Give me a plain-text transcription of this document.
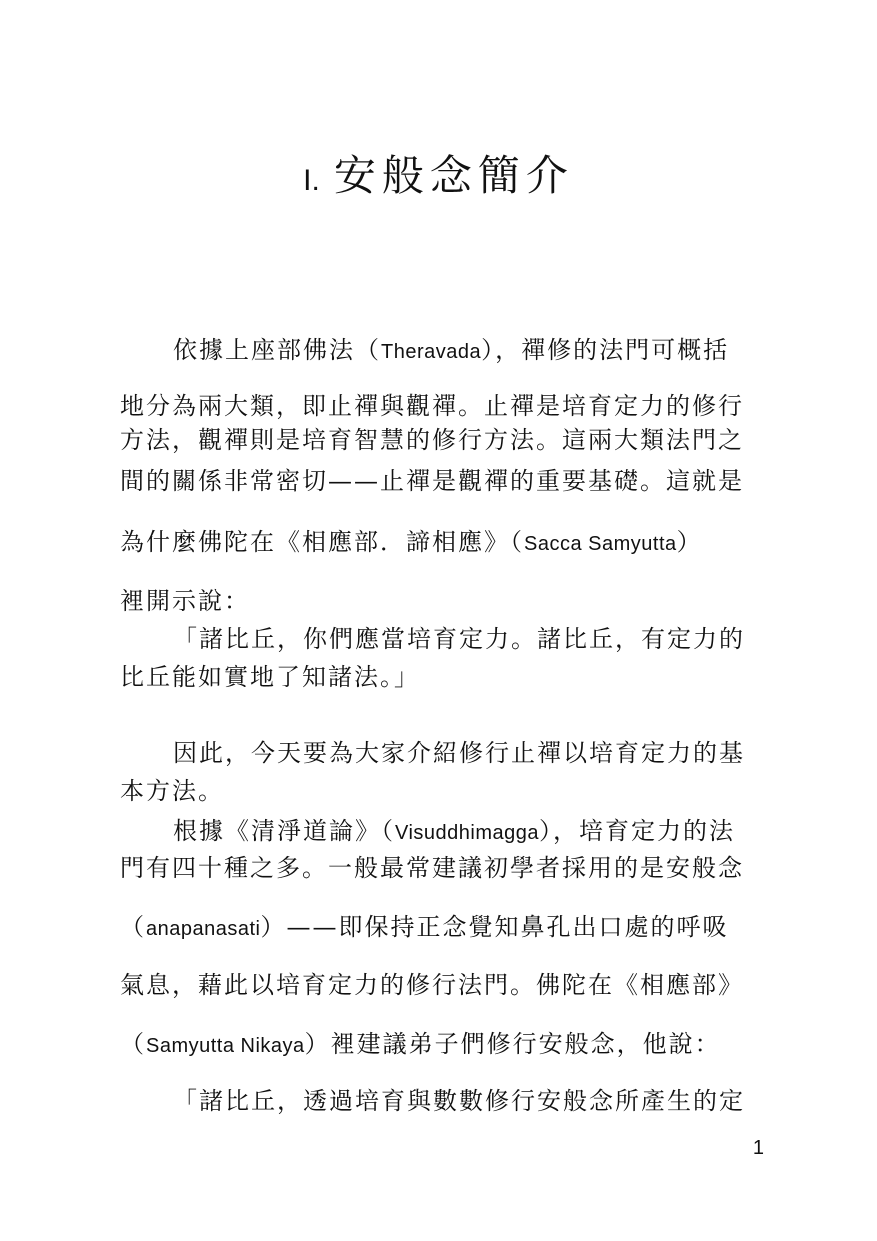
I. 安般念簡介
依據上座部佛法（Theravada），禪修的法門可概括
地分為兩大類，即止禪與觀禪。止禪是培育定力的修行
方法，觀禪則是培育智慧的修行方法。這兩大類法門之
間的關係非常密切——止禪是觀禪的重要基礎。這就是
為什麼佛陀在《相應部．諦相應》（Sacca Samyutta）
裡開示說：
「諸比丘，你們應當培育定力。諸比丘，有定力的
比丘能如實地了知諸法。」
因此，今天要為大家介紹修行止禪以培育定力的基
本方法。
根據《清淨道論》（Visuddhimagga），培育定力的法
門有四十種之多。一般最常建議初學者採用的是安般念
（anapanasati）——即保持正念覺知鼻孔出口處的呼吸
氣息，藉此以培育定力的修行法門。佛陀在《相應部》
（Samyutta Nikaya）裡建議弟子們修行安般念，他說：
「諸比丘，透過培育與數數修行安般念所產生的定
1
